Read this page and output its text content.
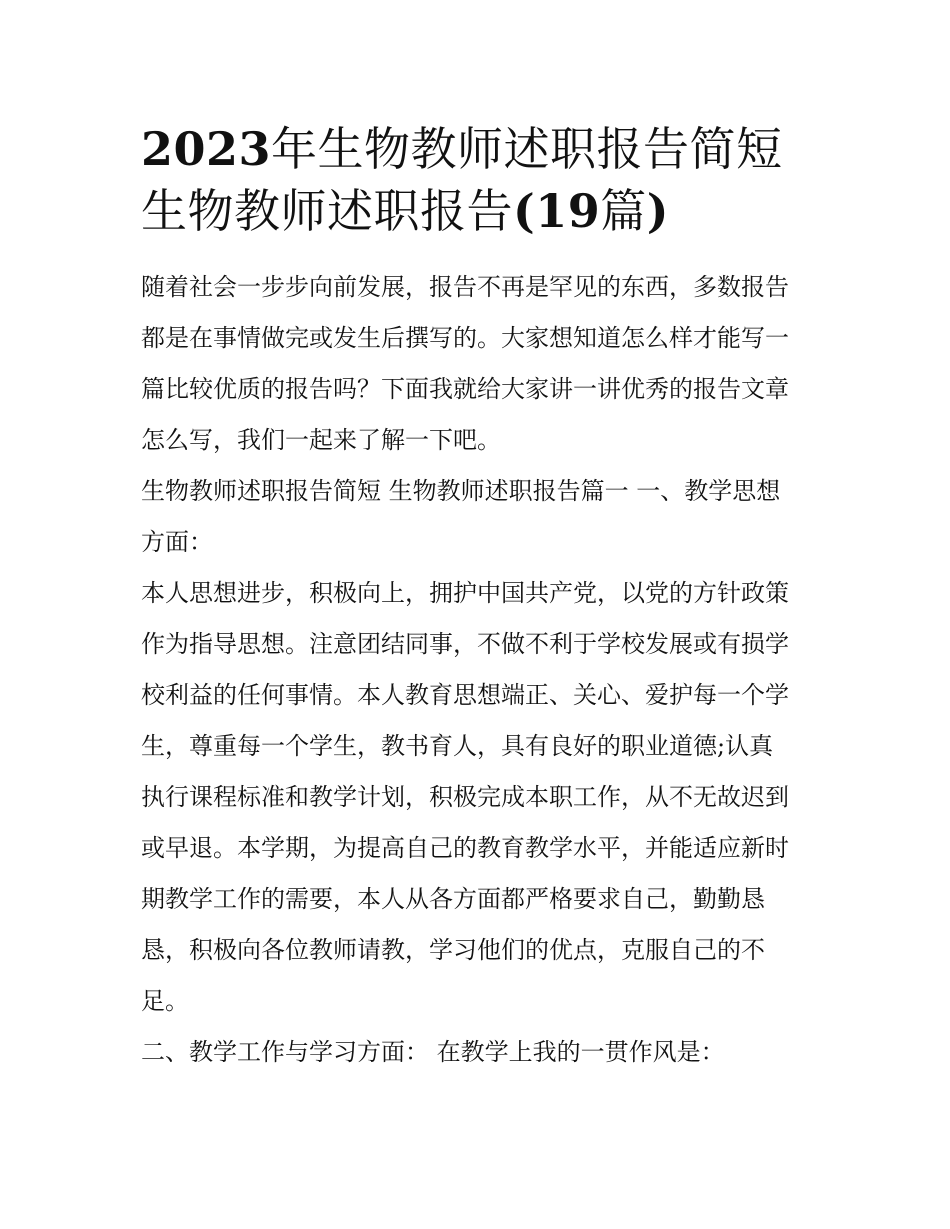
2023年生物教师述职报告简短
生物教师述职报告(19篇)

随着社会一步步向前发展，报告不再是罕见的东西，多数报告
都是在事情做完或发生后撰写的。大家想知道怎么样才能写一
篇比较优质的报告吗？下面我就给大家讲一讲优秀的报告文章
怎么写，我们一起来了解一下吧。

生物教师述职报告简短 生物教师述职报告篇一 一、教学思想
方面：

本人思想进步，积极向上，拥护中国共产党，以党的方针政策
作为指导思想。注意团结同事，不做不利于学校发展或有损学
校利益的任何事情。本人教育思想端正、关心、爱护每一个学
生，尊重每一个学生，教书育人，具有良好的职业道德;认真
执行课程标准和教学计划，积极完成本职工作，从不无故迟到
或早退。本学期，为提高自己的教育教学水平，并能适应新时
期教学工作的需要，本人从各方面都严格要求自己，勤勤恳
恳，积极向各位教师请教，学习他们的优点，克服自己的不
足。

二、教学工作与学习方面： 在教学上我的一贯作风是：
